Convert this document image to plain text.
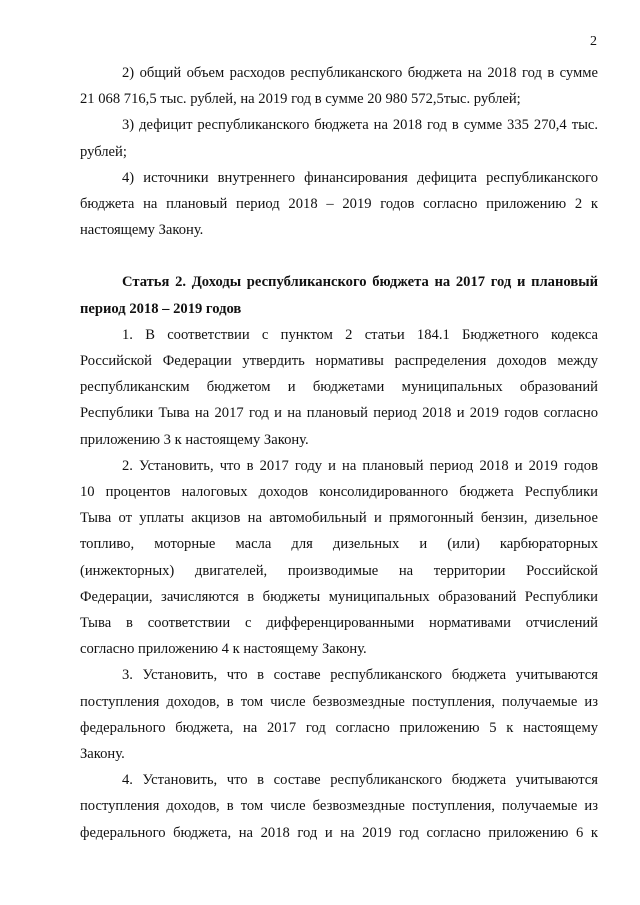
2

2) общий объем расходов республиканского бюджета на 2018 год в сумме
21 068 716,5 тыс. рублей, на 2019 год в сумме 20 980 572,5тыс. рублей;

3) дефицит республиканского бюджета на 2018 год в сумме 335 270,4 тыс.
рублей;

4) источники внутреннего финансирования дефицита республиканского
бюджета на плановый период 2018 – 2019 годов согласно приложению 2 к
настоящему Закону.

Статья 2. Доходы республиканского бюджета на 2017 год и плановый
период 2018 – 2019 годов

1. В соответствии с пунктом 2 статьи 184.1 Бюджетного кодекса
Российской Федерации утвердить нормативы распределения доходов между
республиканским бюджетом и бюджетами муниципальных образований
Республики Тыва на 2017 год и на плановый период 2018 и 2019 годов согласно
приложению 3 к настоящему Закону.

2. Установить, что в 2017 году и на плановый период 2018 и 2019 годов
10 процентов налоговых доходов консолидированного бюджета Республики
Тыва от уплаты акцизов на автомобильный и прямогонный бензин, дизельное
топливо, моторные масла для дизельных и (или) карбюраторных
(инжекторных) двигателей, производимые на территории Российской
Федерации, зачисляются в бюджеты муниципальных образований Республики
Тыва в соответствии с дифференцированными нормативами отчислений
согласно приложению 4 к настоящему Закону.

3. Установить, что в составе республиканского бюджета учитываются
поступления доходов, в том числе безвозмездные поступления, получаемые из
федерального бюджета, на 2017 год согласно приложению 5 к настоящему
Закону.

4. Установить, что в составе республиканского бюджета учитываются
поступления доходов, в том числе безвозмездные поступления, получаемые из
федерального бюджета, на 2018 год и на 2019 год согласно приложению 6 к
